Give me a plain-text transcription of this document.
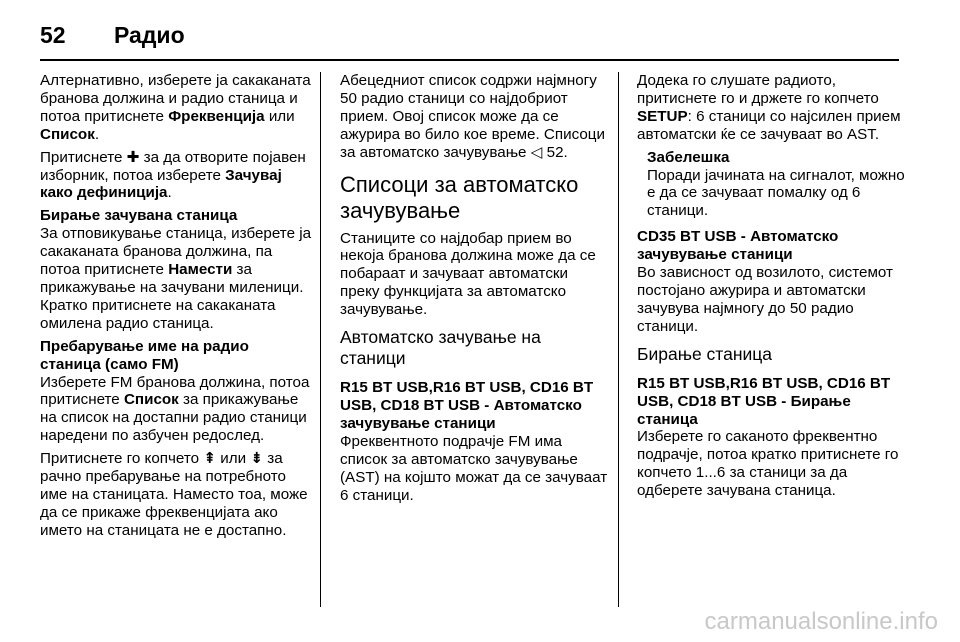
52 Радио

Алтернативно, изберете ја сакаканата бранова должина и радио станица и потоа притиснете Фреквенција или Список.

Притиснете ✚ за да отворите појавен изборник, потоа изберете Зачувај како дефиниција.

Бирање зачувана станица

За отповикување станица, изберете ја сакаканата бранова должина, па потоа притиснете Намести за прикажување на зачувани миленици. Кратко притиснете на сакаканата омилена радио станица.

Пребарување име на радио станица (само FM)

Изберете FM бранова должина, потоа притиснете Список за прикажување на список на достапни радио станици наредени по азбучен редослед.

Притиснете го копчето ⇞ или ⇟ за рачно пребарување на потребното име на станицата. Наместо тоа, може да се прикаже фреквенцијата ако името на станицата не е достапно.

Абецедниот список содржи најмногу 50 радио станици со најдобриот прием. Овој список може да се ажурира во било кое време. Списоци за автоматско зачувување ◁ 52.

Списоци за автоматско зачувување

Станиците со најдобар прием во некоја бранова должина може да се побараат и зачуваат автоматски преку функцијата за автоматско зачувување.

Автоматско зачување на станици

R15 BT USB,R16 BT USB, CD16 BT USB, CD18 BT USB - Автоматско зачувување станици

Фреквентното подрачје FM има список за автоматско зачувување (AST) на којшто можат да се зачуваат 6 станици.

Додека го слушате радиото, притиснете го и држете го копчето SETUP: 6 станици со најсилен прием автоматски ќе се зачуваат во AST.

Забелешка

Поради јачината на сигналот, можно е да се зачуваат помалку од 6 станици.

CD35 BT USB - Автоматско зачувување станици

Во зависност од возилото, системот постојано ажурира и автоматски зачувува најмногу до 50 радио станици.

Бирање станица

R15 BT USB,R16 BT USB, CD16 BT USB, CD18 BT USB - Бирање станица

Изберете го саканото фреквентно подрачје, потоа кратко притиснете го копчето 1...6 за станици за да одберете зачувана станица.

carmanualsonline.info
